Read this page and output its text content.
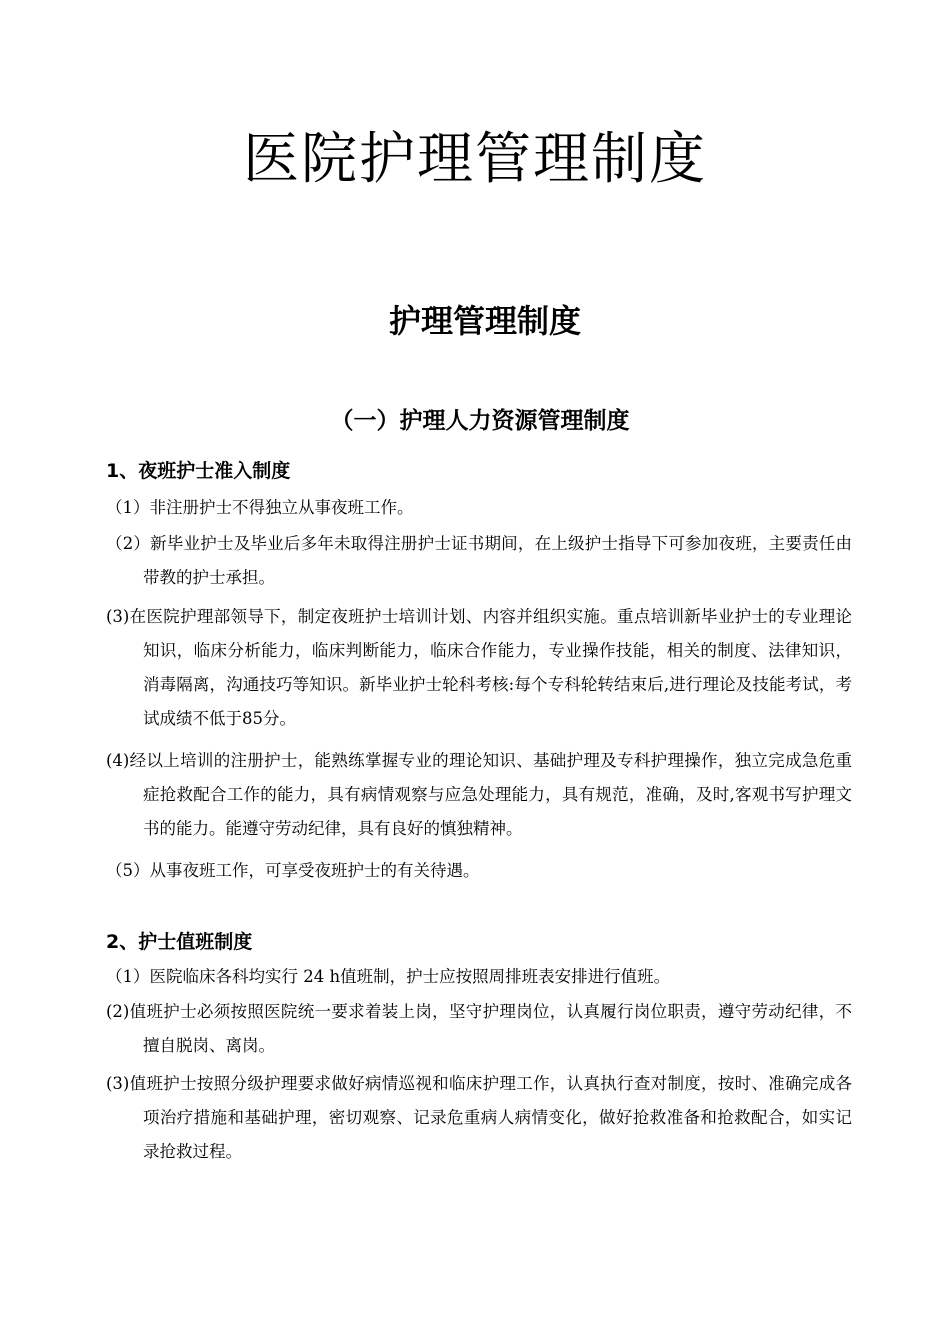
医院护理管理制度
护理管理制度
（一）护理人力资源管理制度
1、夜班护士准入制度

（1）非注册护士不得独立从事夜班工作。

（2）新毕业护士及毕业后多年未取得注册护士证书期间，在上级护士指导下可参加夜班，主要责任由带教的护士承担。

(3)在医院护理部领导下，制定夜班护士培训计划、内容并组织实施。重点培训新毕业护士的专业理论知识，临床分析能力，临床判断能力，临床合作能力，专业操作技能，相关的制度、法律知识，消毒隔离，沟通技巧等知识。新毕业护士轮科考核:每个专科轮转结束后,进行理论及技能考试，考试成绩不低于85分。

(4)经以上培训的注册护士，能熟练掌握专业的理论知识、基础护理及专科护理操作，独立完成急危重症抢救配合工作的能力，具有病情观察与应急处理能力，具有规范，准确，及时,客观书写护理文书的能力。能遵守劳动纪律，具有良好的慎独精神。

（5）从事夜班工作，可享受夜班护士的有关待遇。

2、护士值班制度

（1）医院临床各科均实行 24 h值班制，护士应按照周排班表安排进行值班。

(2)值班护士必须按照医院统一要求着装上岗，坚守护理岗位，认真履行岗位职责，遵守劳动纪律，不擅自脱岗、离岗。

(3)值班护士按照分级护理要求做好病情巡视和临床护理工作，认真执行查对制度，按时、准确完成各项治疗措施和基础护理，密切观察、记录危重病人病情变化，做好抢救准备和抢救配合，如实记录抢救过程。
